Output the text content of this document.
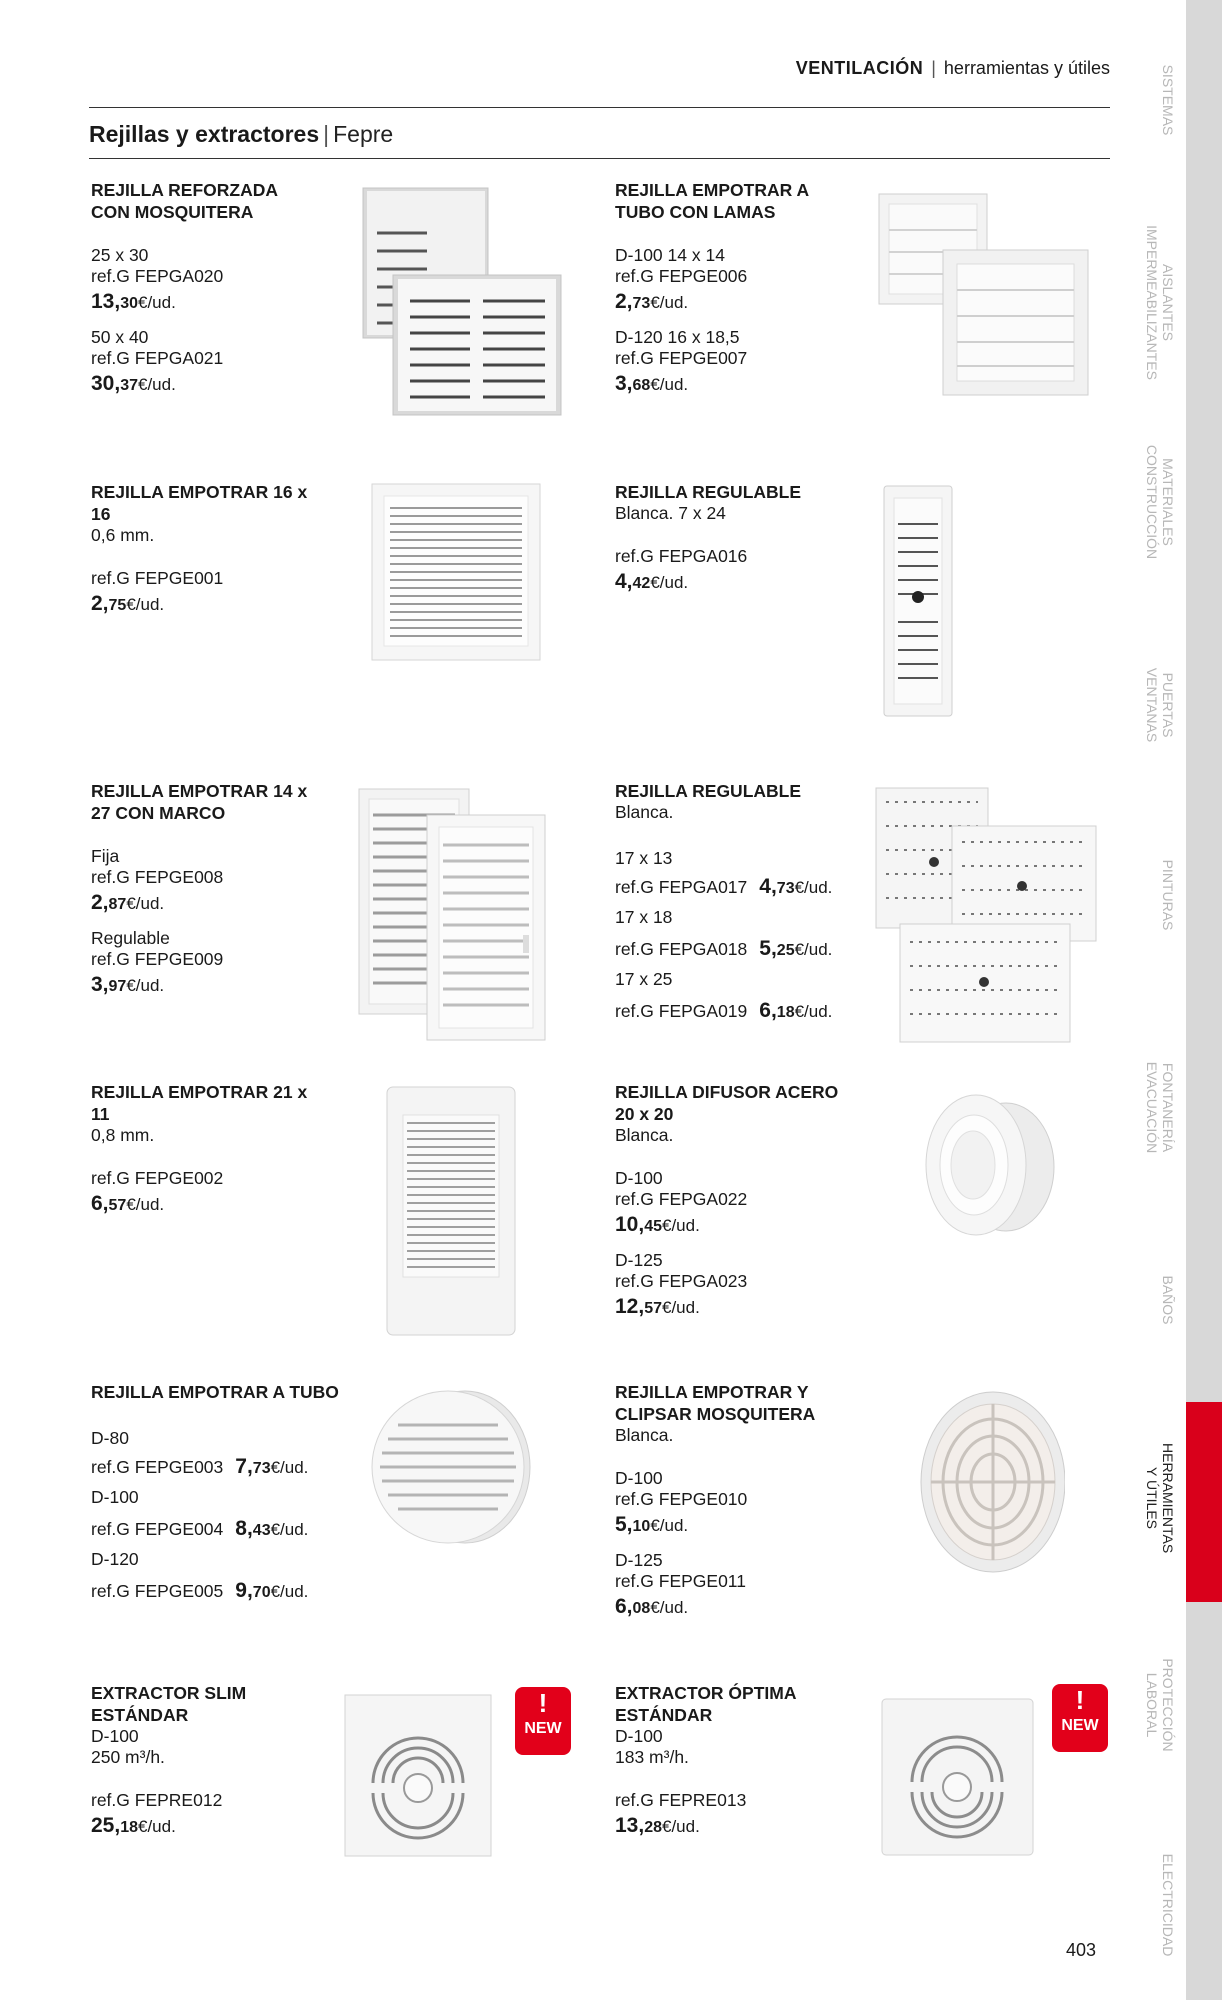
VENTILACIÓN | herramientas y útiles
Rejillas y extractores | Fepre
REJILLA REFORZADA CON MOSQUITERA
25 x 30
ref.G FEPGA020
13,30€/ud.
50 x 40
ref.G FEPGA021
30,37€/ud.
REJILLA EMPOTRAR A TUBO CON LAMAS
D-100 14 x 14
ref.G FEPGE006
2,73€/ud.
D-120 16 x 18,5
ref.G FEPGE007
3,68€/ud.
REJILLA EMPOTRAR 16 x 16
0,6 mm.
ref.G FEPGE001
2,75€/ud.
REJILLA REGULABLE
Blanca. 7 x 24
ref.G FEPGA016
4,42€/ud.
REJILLA EMPOTRAR 14 x 27 CON MARCO
Fija
ref.G FEPGE008
2,87€/ud.
Regulable
ref.G FEPGE009
3,97€/ud.
REJILLA REGULABLE
Blanca.
17 x 13
ref.G FEPGA017 4,73€/ud.
17 x 18
ref.G FEPGA018 5,25€/ud.
17 x 25
ref.G FEPGA019 6,18€/ud.
REJILLA EMPOTRAR 21 x 11
0,8 mm.
ref.G FEPGE002
6,57€/ud.
REJILLA DIFUSOR ACERO 20 x 20
Blanca.
D-100
ref.G FEPGA022
10,45€/ud.
D-125
ref.G FEPGA023
12,57€/ud.
REJILLA EMPOTRAR A TUBO
D-80
ref.G FEPGE003 7,73€/ud.
D-100
ref.G FEPGE004 8,43€/ud.
D-120
ref.G FEPGE005 9,70€/ud.
REJILLA EMPOTRAR Y CLIPSAR MOSQUITERA
Blanca.
D-100
ref.G FEPGE010
5,10€/ud.
D-125
ref.G FEPGE011
6,08€/ud.
EXTRACTOR SLIM ESTÁNDAR
D-100
250 m³/h.
ref.G FEPRE012
25,18€/ud.
!
NEW
EXTRACTOR ÓPTIMA ESTÁNDAR
D-100
183 m³/h.
ref.G FEPRE013
13,28€/ud.
!
NEW
SISTEMAS
AISLANTES IMPERMEABILIZANTES
MATERIALES CONSTRUCCIÓN
PUERTAS VENTANAS
PINTURAS
FONTANERÍA EVACUACIÓN
BAÑOS
HERRAMIENTAS Y ÚTILES
PROTECCIÓN LABORAL
ELECTRICIDAD
403
